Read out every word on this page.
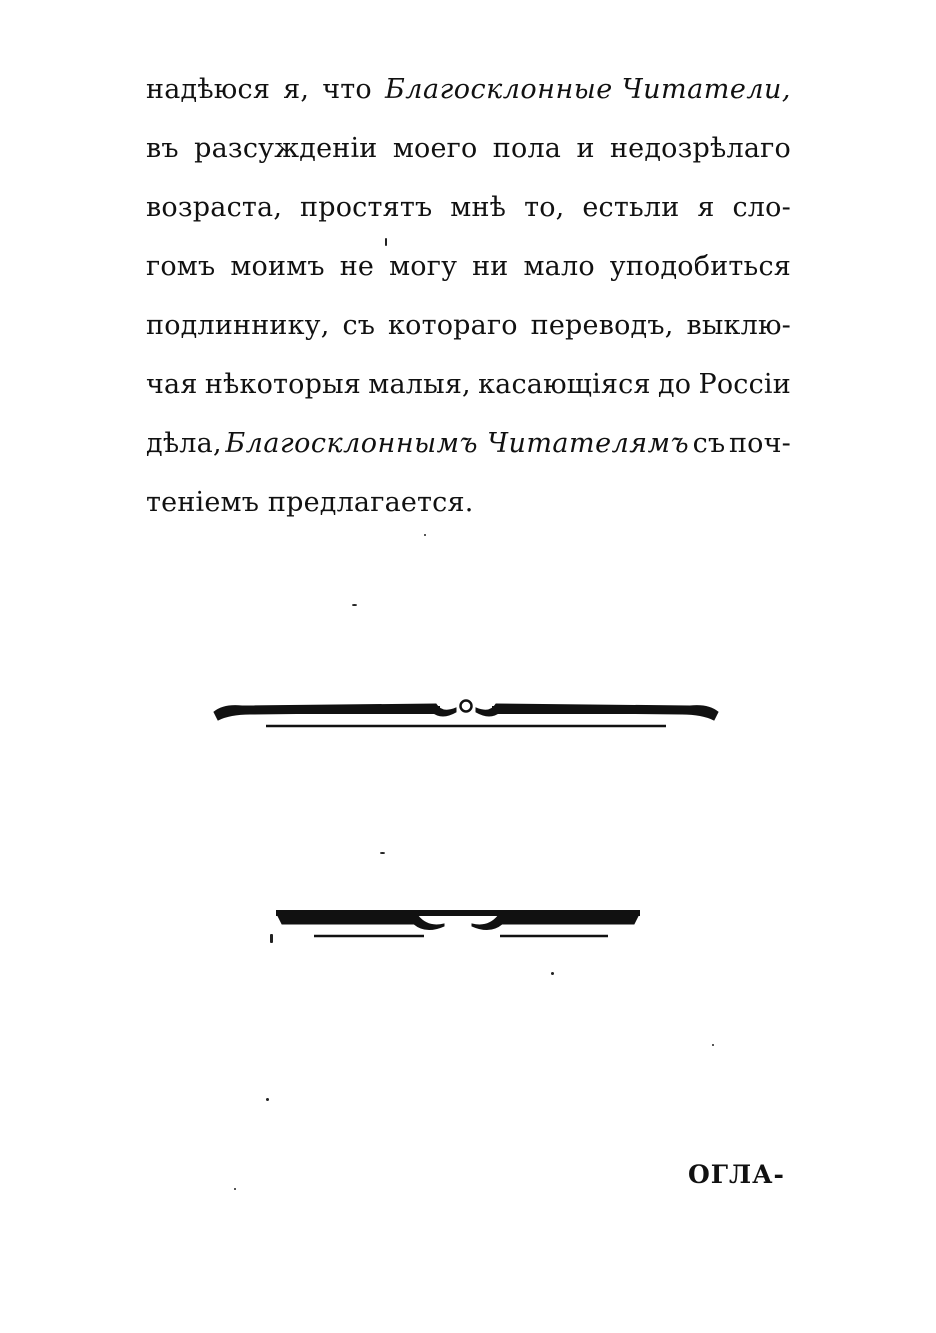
надѣюся я, что Благосклонные Читатели,
въ разсужденіи моего пола и недозрѣлаго
возраста, простятъ мнѣ то, естьли я сло-
гомъ моимъ не могу ни мало уподобиться
подлиннику, съ котораго переводъ, выклю-
чая нѣкоторыя малыя, касающіяся до Россіи
дѣла, Благосклоннымъ Читателямъ съ поч-
теніемъ предлагается.
ОГЛА-
